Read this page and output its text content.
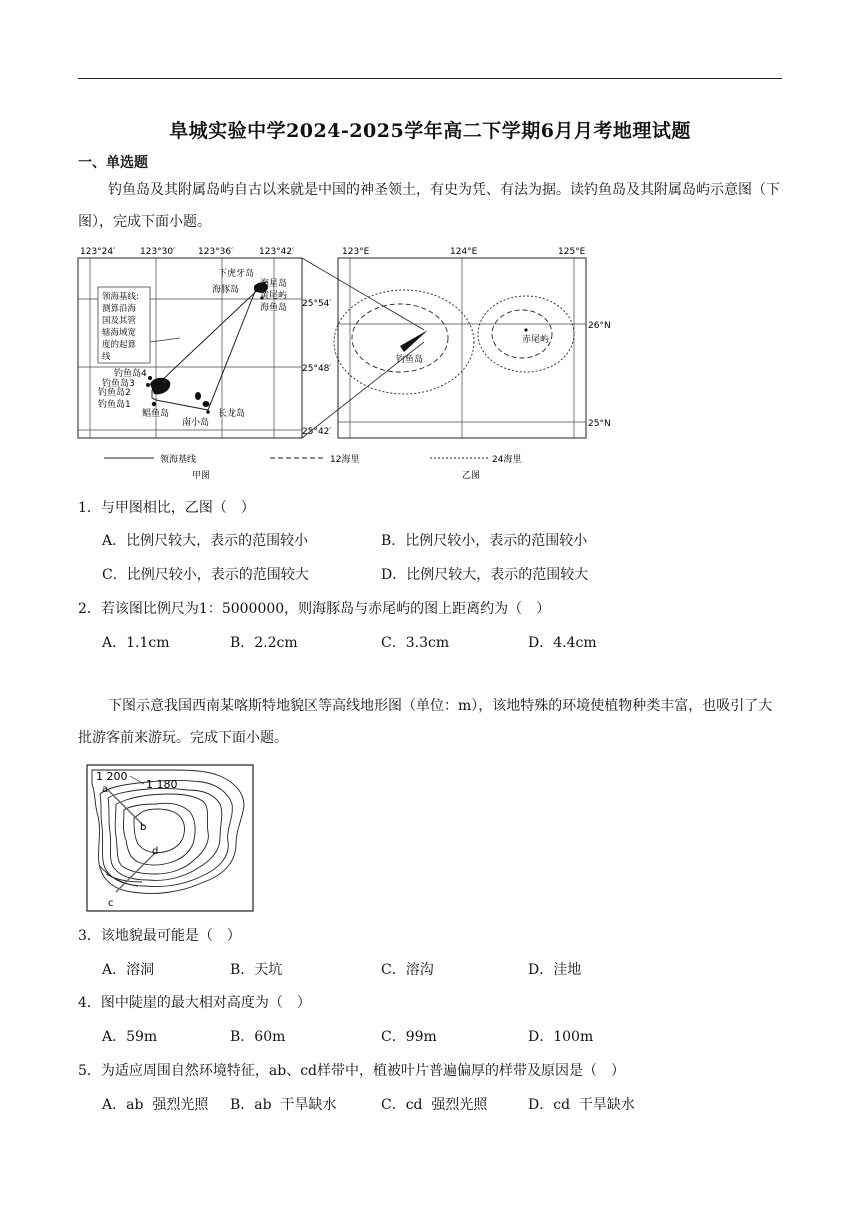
阜城实验中学2024-2025学年高二下学期6月月考地理试题
一、单选题
钓鱼岛及其附属岛屿自古以来就是中国的神圣领土，有史为凭、有法为据。读钓鱼岛及其附属岛屿示意图（下图），完成下面小题。
123°24′	123°30′	123°36′	123°42′
25°54′
25°48′
25°42′
领海基线:
测算沿海
国及其管
辖海域宽
度的起算
线
下虎牙岛
海豚岛
海星岛
黄尾屿
海鱼岛
钓鱼岛4
钓鱼岛3
钓鱼岛2
钓鱼岛1
鲳鱼岛
南小岛
长龙岛
123°E	124°E	125°E
26°N
25°N
钓鱼岛
赤尾屿
领海基线	12海里	24海里
甲图	乙图
1．与甲图相比，乙图（　）
A．比例尺较大，表示的范围较小	B．比例尺较小，表示的范围较小
C．比例尺较小，表示的范围较大	D．比例尺较大，表示的范围较大
2．若该图比例尺为1：5000000，则海豚岛与赤尾屿的图上距离约为（　）
A．1.1cm	B．2.2cm	C．3.3cm	D．4.4cm
下图示意我国西南某喀斯特地貌区等高线地形图（单位：m），该地特殊的环境使植物种类丰富，也吸引了大批游客前来游玩。完成下面小题。
1 200
1 180
a
b
c
d
3．该地貌最可能是（　）
A．溶洞	B．天坑	C．溶沟	D．洼地
4．图中陡崖的最大相对高度为（　）
A．59m	B．60m	C．99m	D．100m
5．为适应周围自然环境特征，ab、cd样带中，植被叶片普遍偏厚的样带及原因是（　）
A．ab  强烈光照 B．ab  干旱缺水	C．cd  强烈光照	D．cd  干旱缺水
